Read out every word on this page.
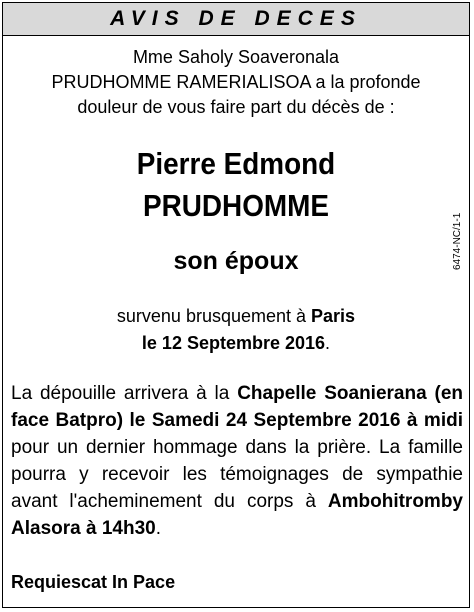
AVIS DE DECES
Mme Saholy Soaveronala
PRUDHOMME RAMERIALISOA a la profonde
douleur de vous faire part du décès de :
Pierre Edmond
PRUDHOMME
son époux
survenu brusquement à Paris
le 12 Septembre 2016.
La dépouille arrivera à la Chapelle Soanierana (en face Batpro) le Samedi 24 Septembre 2016 à midi pour un dernier hommage dans la prière. La famille pourra y recevoir les témoignages de sympathie avant l'acheminement du corps à Ambohitromby Alasora à 14h30.
Requiescat In Pace
6474-NC/1-1
